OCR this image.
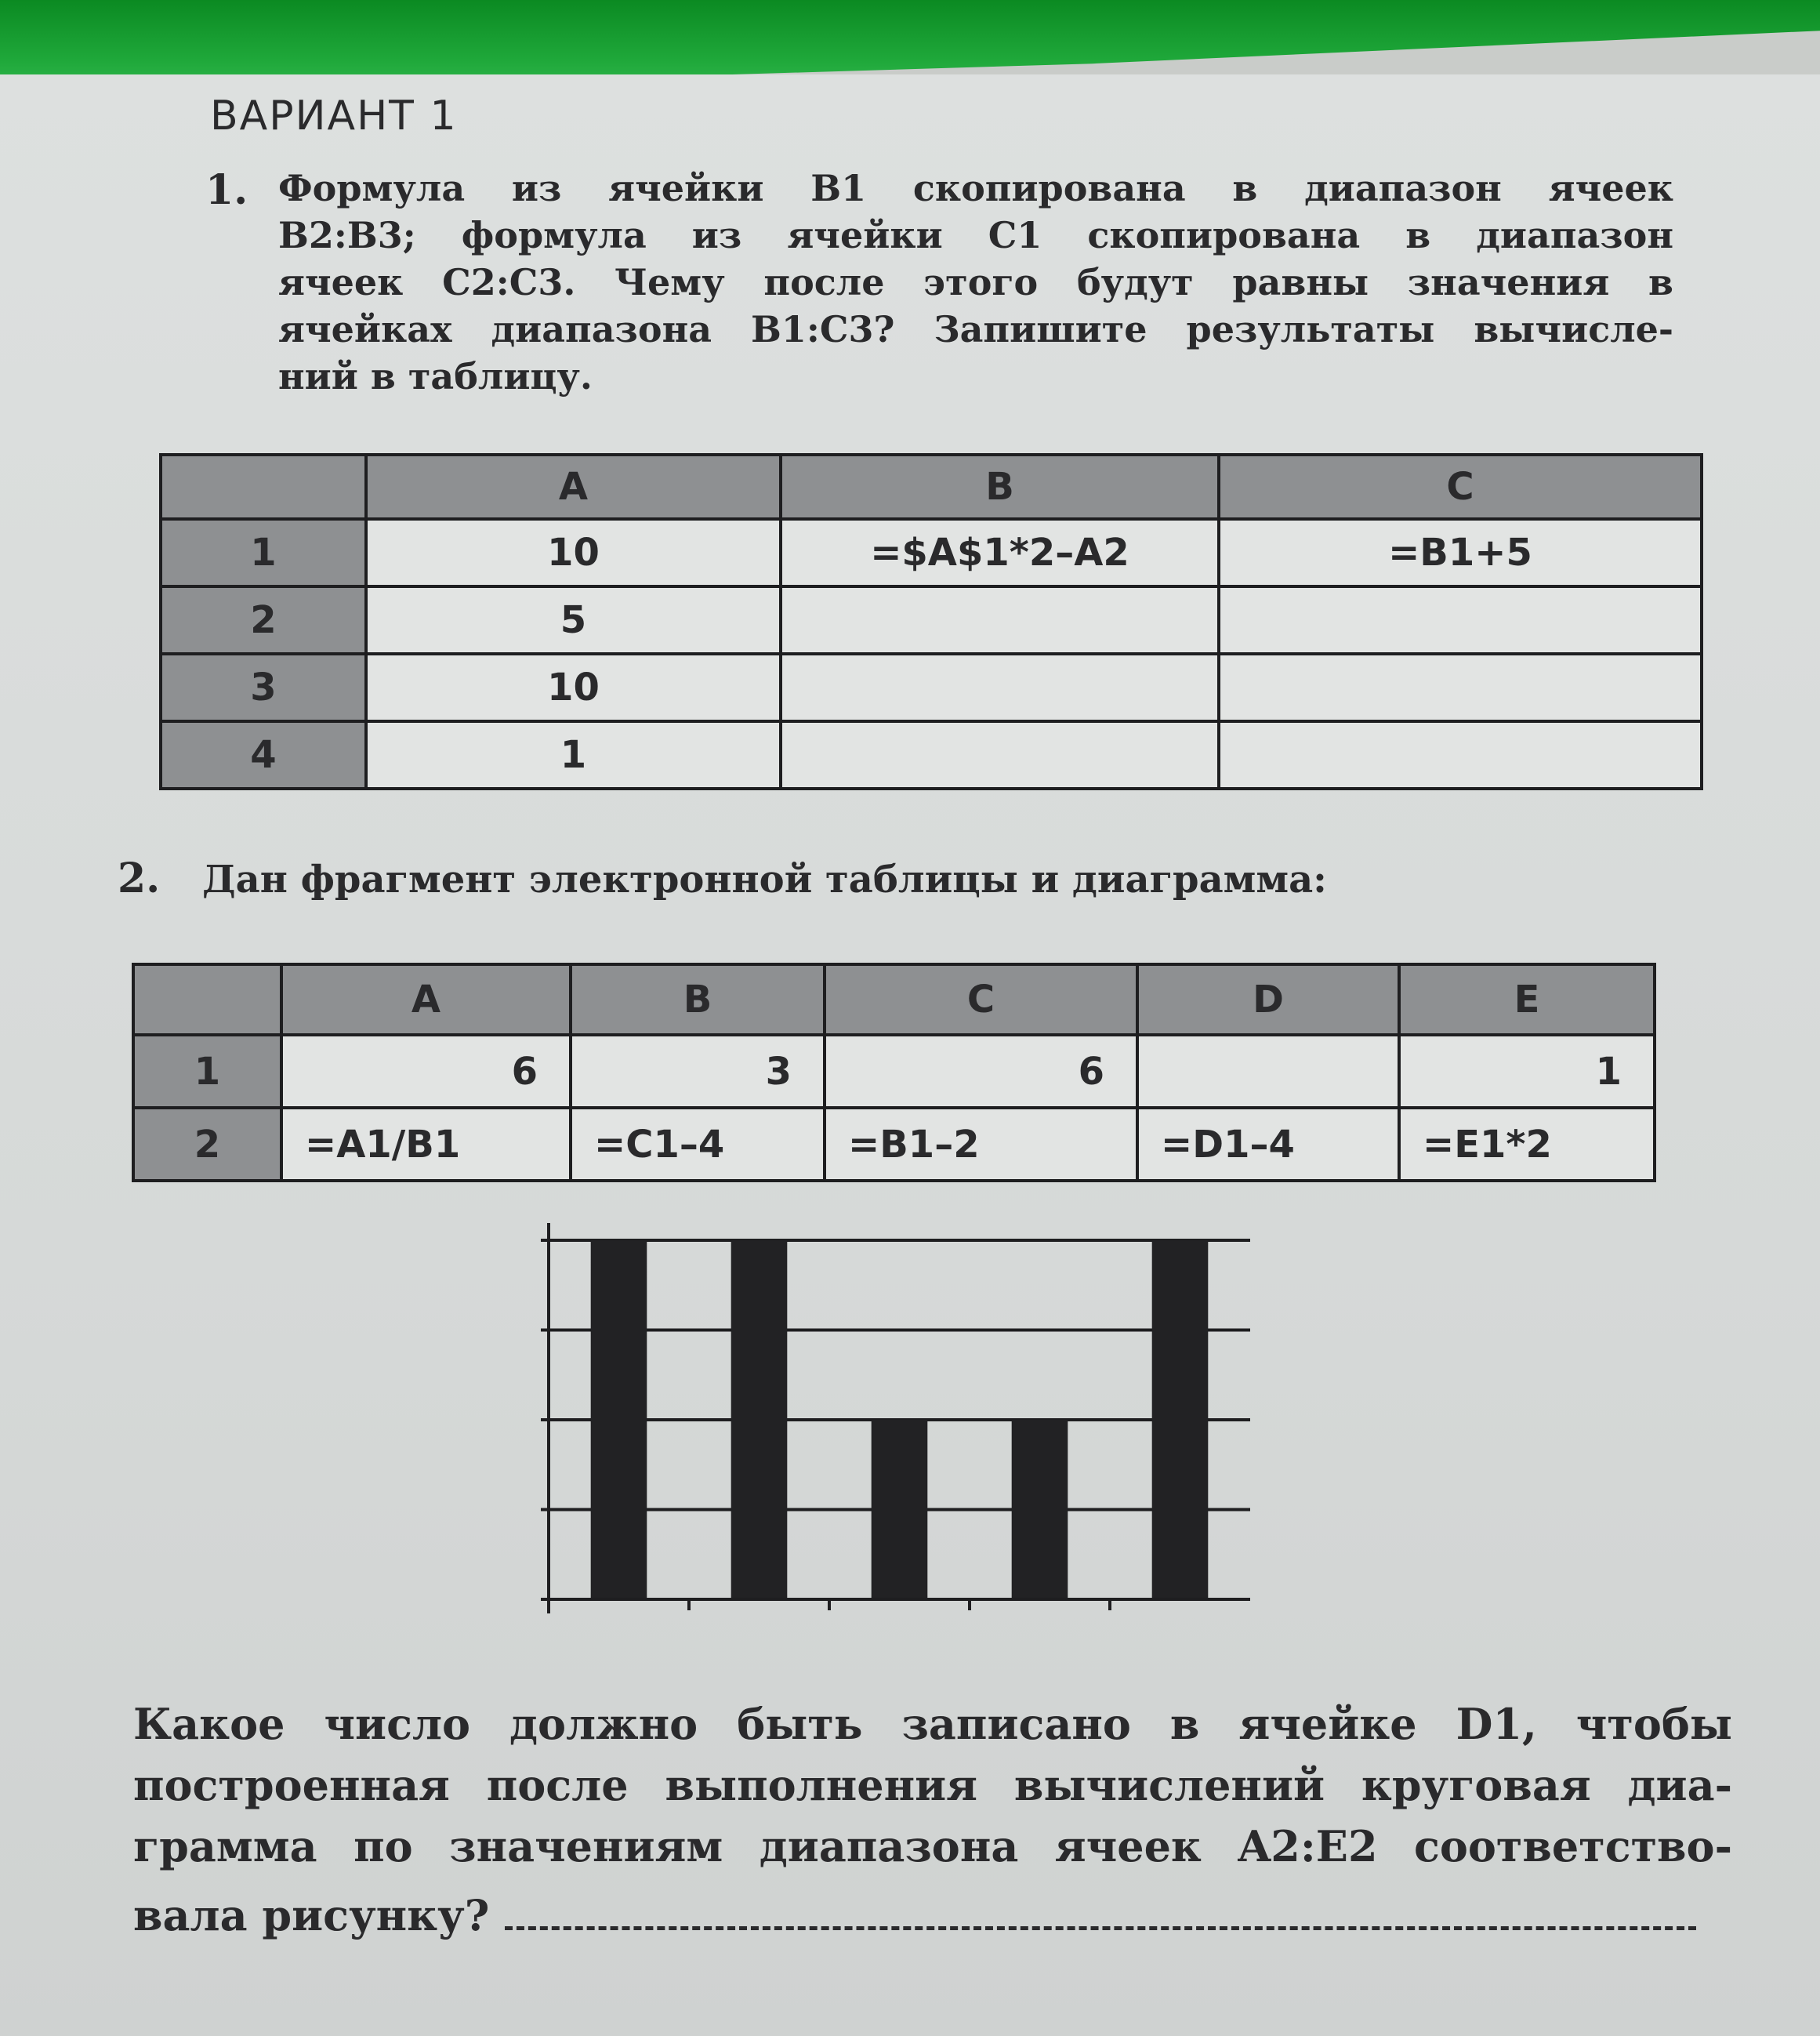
ВАРИАНТ 1
1. Формула из ячейки B1 скопирована в диапазон ячеек
B2:B3; формула из ячейки C1 скопирована в диапазон
ячеек C2:C3. Чему после этого будут равны значения в
ячейках диапазона B1:C3? Запишите результаты вычисле-
ний в таблицу.
	A	B	C
1	10	=$A$1*2–A2	=B1+5
2	5		
3	10		
4	1		
2. Дан фрагмент электронной таблицы и диаграмма:
	A	B	C	D	E
1	6	3	6		1
2	=A1/B1	=C1–4	=B1–2	=D1–4	=E1*2
Какое число должно быть записано в ячейке D1, чтобы
построенная после выполнения вычислений круговая диа-
грамма по значениям диапазона ячеек A2:E2 соответство-
вала рисунку?
